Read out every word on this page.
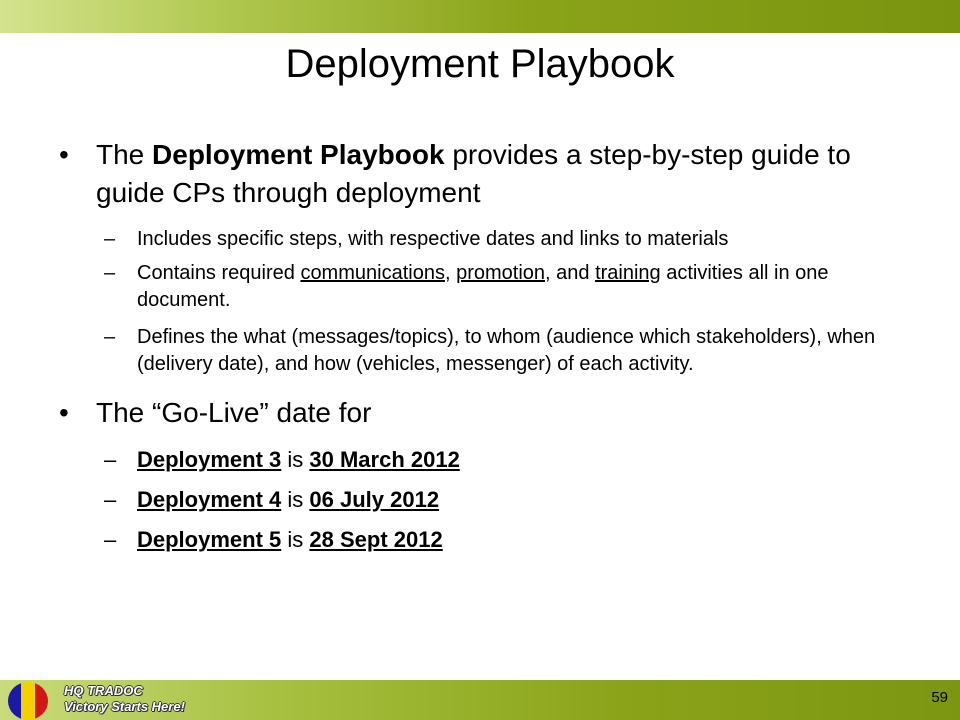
Deployment Playbook
• The Deployment Playbook provides a step-by-step guide to guide CPs through deployment
– Includes specific steps, with respective dates and links to materials
– Contains required communications, promotion, and training activities all in one document.
– Defines the what (messages/topics), to whom (audience which stakeholders), when (delivery date), and how (vehicles, messenger) of each activity.
• The “Go-Live” date for
– Deployment 3 is 30 March 2012
– Deployment 4 is 06 July 2012
– Deployment 5 is 28 Sept 2012
HQ TRADOC
Victory Starts Here!
59
